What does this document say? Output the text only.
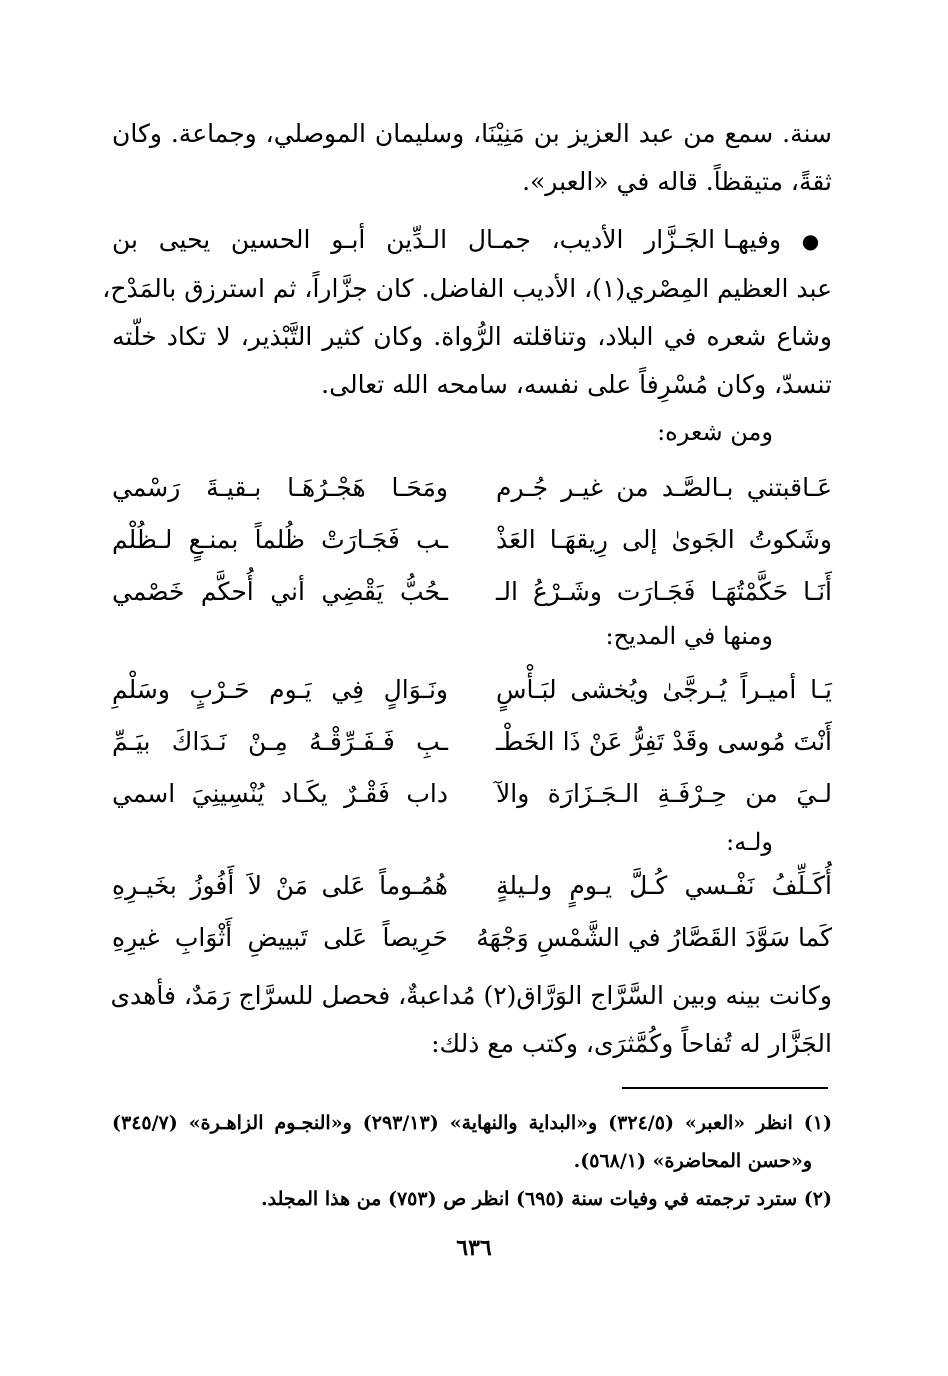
سنة. سمع من عبد العزيز بن مَنِيْنَا، وسليمان الموصلي، وجماعة. وكان
ثقةً، متيقظاً. قاله في «العبر».
● وفيهـا الجَـزَّار الأديب، جمـال الـدِّين أبـو الحسين يحيى بن
عبد العظيم المِصْري(١)، الأديب الفاضل. كان جزَّاراً، ثم استرزق بالمَدْح،
وشاع شعره في البلاد، وتناقلته الرُّواة. وكان كثير التَّبْذير، لا تكاد خلّته
تنسدّ، وكان مُسْرِفاً على نفسه، سامحه الله تعالى.
ومن شعره:
عَـاقبتني بـالصَّـد من غيـر جُـرم
ومَحَـا هَجْـرُهَـا بـقيـةَ رَسْمي
وشَكوتُ الجَوىٰ إلى رِيقهَـا العَذْ
ـب فَجَـارَتْ ظُلماً بمنـعٍ لـظُلْم
أَنَـا حَكَّمْتُهَـا فَجَـارَت وشَـرْعُ الـ
ـحُبُّ يَقْضِي أني أُحكَّم خَصْمي
ومنها في المديح:
يَـا أميـراً يُـرجَّىٰ ويُخشى لبَـأْسٍ
ونَـوَالٍ فِي يَـوم حَـرْبٍ وسَلْمِ
أَنْتَ مُوسى وقَدْ تَفِرُّ عَنْ ذَا الخَطْـ
ـبِ فَـفَـرِّقْـهُ مِـنْ نَـدَاكَ بيَـمِّ
لـيَ من حِـرْفَـةِ الـجَـزَارَة والآ
داب فَقْـرٌ يكَـاد يُنْسِينِيَ اسمي
ولـه:
أُكَـلِّفُ نَفْـسي كُـلَّ يـومٍ ولـيلةٍ
هُمُـوماً عَلى مَنْ لاَ أَفُوزُ بخَيـرِهِ
كَما سَوَّدَ القَصَّارُ في الشَّمْسِ وَجْهَهُ
حَرِيصاً عَلى تَبييضِ أَثْوَابِ غيرِهِ
وكانت بينه وبين السَّرَّاج الوَرَّاق(٢) مُداعبةٌ، فحصل للسرَّاج رَمَدٌ، فأهدى
الجَزَّار له تُفاحاً وكُمَّثرَى، وكتب مع ذلك:
(١) انظر «العبر» (٣٢٤/٥) و«البداية والنهاية» (٢٩٣/١٣) و«النجـوم الزاهـرة» (٣٤٥/٧)
و«حسن المحاضرة» (٥٦٨/١).
(٢) سترد ترجمته في وفيات سنة (٦٩٥) انظر ص (٧٥٣) من هذا المجلد.
٦٣٦
